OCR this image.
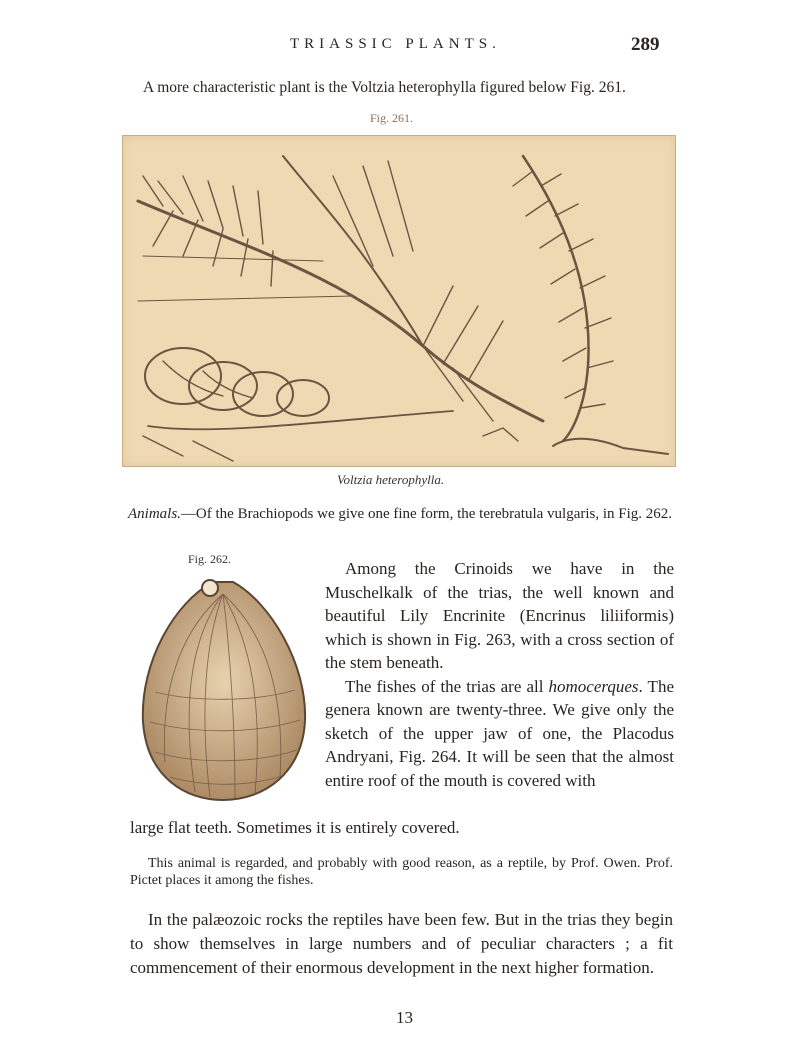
TRIASSIC PLANTS.	289

A more characteristic plant is the Voltzia heterophylla figured below Fig. 261.

Fig. 261.
Voltzia heterophylla.

Animals.—Of the Brachiopods we give one fine form, the terebratula vulgaris, in Fig. 262.

Fig. 262.	Among the Crinoids we have in the Muschelkalk of the trias, the well known and beautiful Lily Encrinite (Encrinus liliiformis) which is shown in Fig. 263, with a cross section of the stem beneath.

The fishes of the trias are all homocerques. The genera known are twenty-three. We give only the sketch of the upper jaw of one, the Placodus Andryani, Fig. 264. It will be seen that the almost entire roof of the mouth is covered with

large flat teeth. Sometimes it is entirely covered.

This animal is regarded, and probably with good reason, as a reptile, by Prof. Owen. Prof. Pictet places it among the fishes.

In the palæozoic rocks the reptiles have been few. But in the trias they begin to show themselves in large numbers and of peculiar characters ; a fit commencement of their enormous development in the next higher formation.

13
